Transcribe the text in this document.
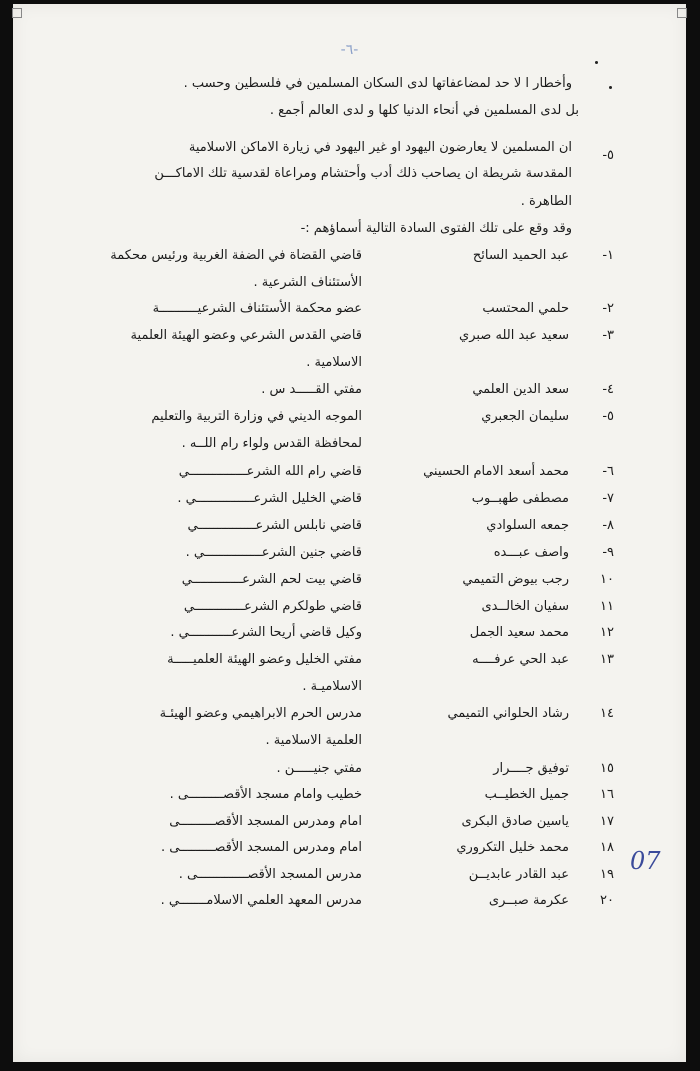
-٦-
وأخطار ا لا حد لمضاعفاتها لدى السكان المسلمين في فلسطين وحسب .
بل لدى المسلمين في أنحاء الدنيا كلها و لدى العالم أجمع .
٥-
ان المسلمين لا يعارضون اليهود او غير اليهود في زيارة الاماكن الاسلامية
المقدسة شريطة ان يصاحب ذلك أدب وأحتشام ومراعاة لقدسية تلك الاماكـــن
الطاهرة .
وقد وقع على تلك الفتوى السادة التالية أسماؤهم :-
١-
عبد الحميد السائح
قاضي القضاة في الضفة الغربية ورئيس محكمة
الأستئناف الشرعية .
٢-
حلمي المحتسب
عضو محكمة الأستئناف الشرعيــــــــــة
٣-
سعيد عبد الله صبري
قاضي القدس الشرعي وعضو الهيئة العلمية
الاسلامية .
٤-
سعد الدين العلمي
مفتي القـــــد س .
٥-
سليمان الجعبري
الموجه الديني في وزارة التربية والتعليم
لمحافظة القدس ولواء رام اللــه .
٦-
محمد أسعد الامام الحسيني
قاضي رام الله الشرعـــــــــــــــي
٧-
مصطفى طهبــوب
قاضي الخليل الشرعـــــــــــــــي .
٨-
جمعه السلوادي
قاضي نابلس الشرعـــــــــــــــي
٩-
واصف عبـــده
قاضي جنين الشرعـــــــــــــــي .
١٠
رجب بيوض التميمي
قاضي بيت لحم الشرعـــــــــــــي
١١
سفيان الخالــدى
قاضي طولكرم الشرعـــــــــــــي
١٢
محمد سعيد الجمل
وكيل قاضي أريحا الشرعـــــــــــي .
١٣
عبد الحي عرفــــه
مفتي الخليل وعضو الهيئة العلميـــــة
الاسلاميـة .
١٤
رشاد الحلواني التميمي
مدرس الحرم الابراهيمي وعضو الهيئـة
العلمية الاسلامية .
١٥
توفيق جــــرار
مفتي جنيـــــن .
١٦
جميل الخطيــب
خطيب وامام مسجد الأقصـــــــــى .
١٧
ياسين صادق البكرى
امام ومدرس المسجد الأقصـــــــــى
١٨
محمد خليل التكروري
امام ومدرس المسجد الأقصـــــــــى .
١٩
عبد القادر عابديــن
مدرس المسجد الأقصـــــــــــــى .
٢٠
عكرمة صبــرى
مدرس المعهد العلمي الاسلامـــــــي .
07
